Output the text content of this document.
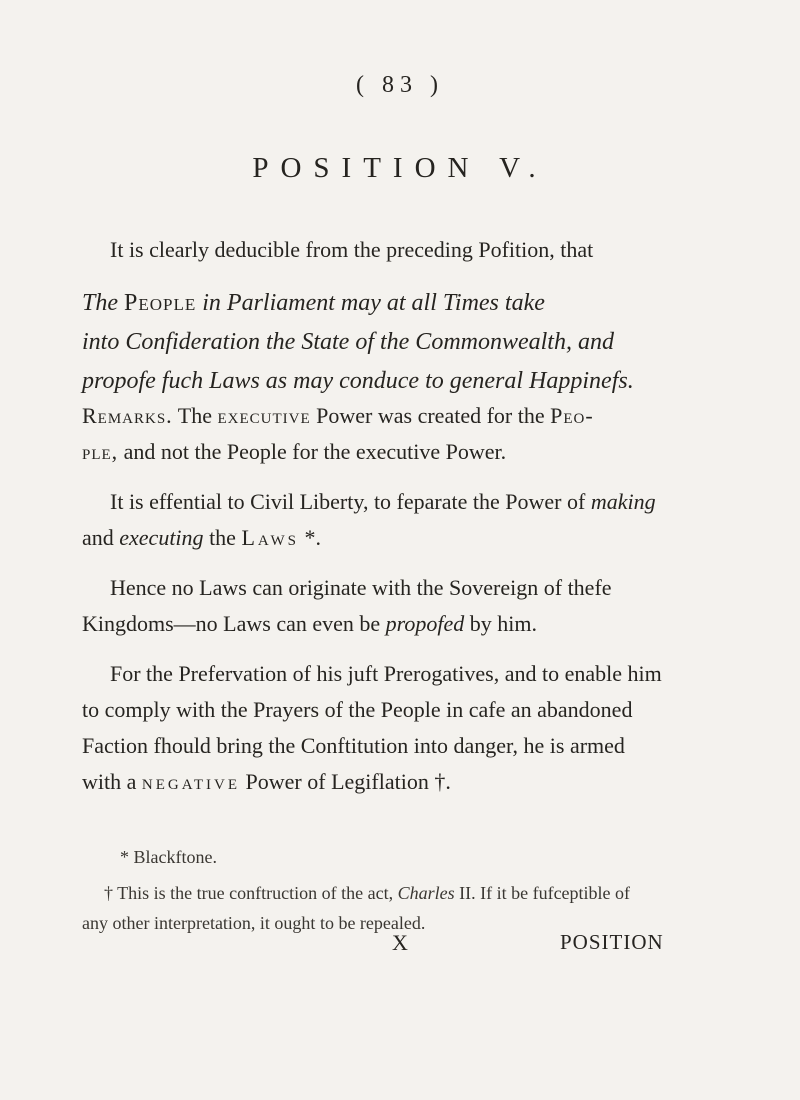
( 83 )
POSITION V.

It is clearly deducible from the preceding Pofition, that

The People in Parliament may at all Times take
into Confideration the State of the Commonwealth, and
propofe fuch Laws as may conduce to general Happinefs.

Remarks. The executive Power was created for the Peo-
ple, and not the People for the executive Power.

It is effential to Civil Liberty, to feparate the Power of making
and executing the Laws *.

Hence no Laws can originate with the Sovereign of thefe
Kingdoms—no Laws can even be propofed by him.

For the Prefervation of his juft Prerogatives, and to enable him
to comply with the Prayers of the People in cafe an abandoned
Faction fhould bring the Conftitution into danger, he is armed
with a negative Power of Legiflation †.

* Blackftone.

† This is the true conftruction of the act, Charles II. If it be fufceptible of
any other interpretation, it ought to be repealed.

X	POSITION
